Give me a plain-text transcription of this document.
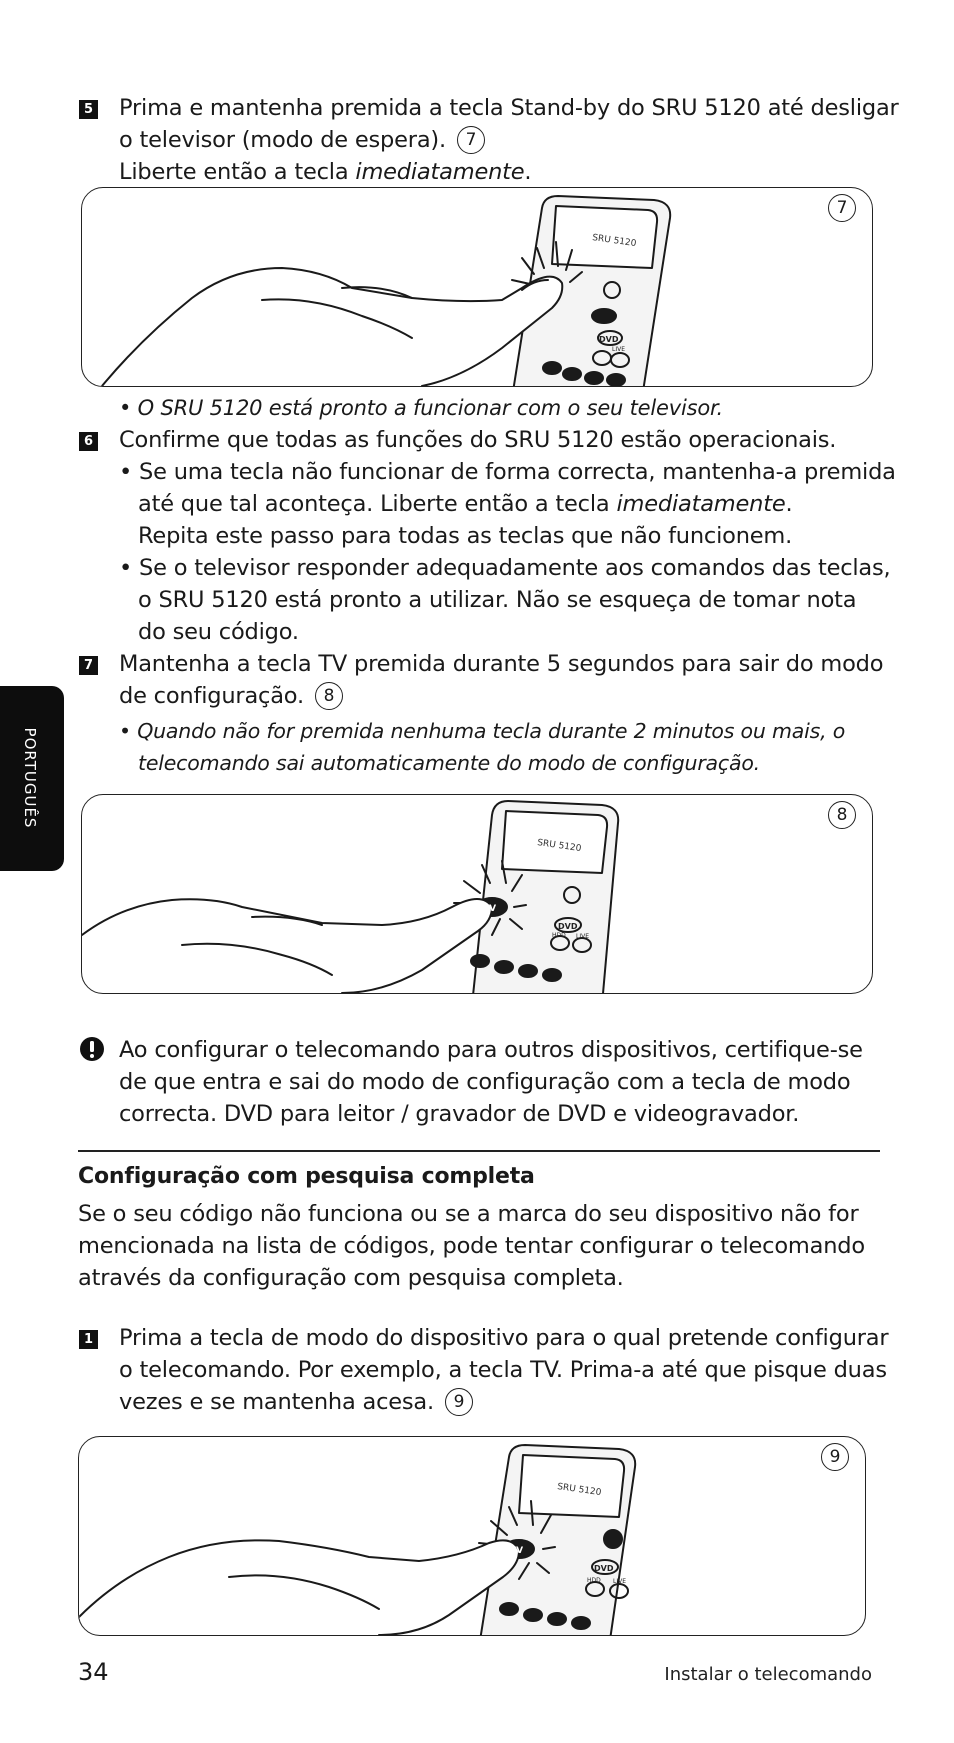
PORTUGUÊS
5 Prima e mantenha premida a tecla Stand-by do SRU 5120 até desligar
o televisor (modo de espera). 7
Liberte então a tecla imediatamente.
SRU 5120
TV
DVD
LIVE
7
• O SRU 5120 está pronto a funcionar com o seu televisor.
6 Confirme que todas as funções do SRU 5120 estão operacionais.
• Se uma tecla não funcionar de forma correcta, mantenha-a premida
até que tal aconteça. Liberte então a tecla imediatamente.
Repita este passo para todas as teclas que não funcionem.
• Se o televisor responder adequadamente aos comandos das teclas,
o SRU 5120 está pronto a utilizar. Não se esqueça de tomar nota
do seu código.
7 Mantenha a tecla TV premida durante 5 segundos para sair do modo
de configuração. 8
• Quando não for premida nenhuma tecla durante 2 minutos ou mais, o
telecomando sai automaticamente do modo de configuração.
SRU 5120
TV
DVD
HDD LIVE
8
Ao configurar o telecomando para outros dispositivos, certifique-se
de que entra e sai do modo de configuração com a tecla de modo
correcta. DVD para leitor / gravador de DVD e videogravador.
Configuração com pesquisa completa
Se o seu código não funciona ou se a marca do seu dispositivo não for
mencionada na lista de códigos, pode tentar configurar o telecomando
através da configuração com pesquisa completa.
1 Prima a tecla de modo do dispositivo para o qual pretende configurar
o telecomando. Por exemplo, a tecla TV. Prima-a até que pisque duas
vezes e se mantenha acesa. 9
SRU 5120
TV
DVD
HDD LIVE
9
34	Instalar o telecomando
